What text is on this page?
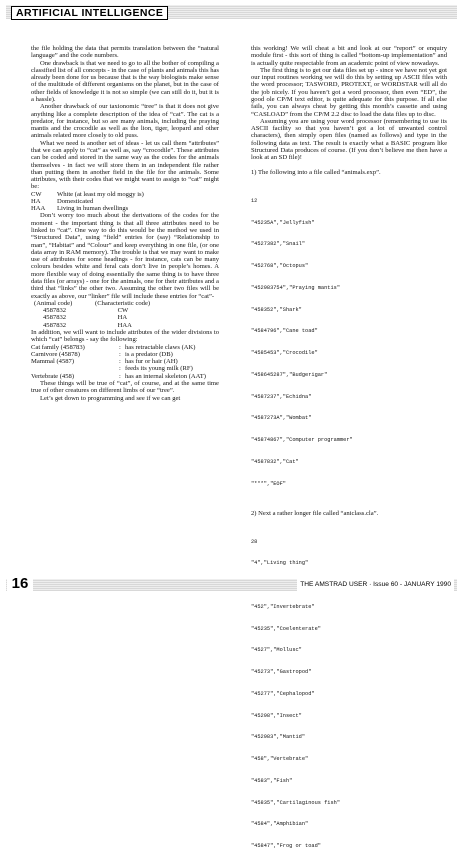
ARTIFICIAL INTELLIGENCE

the file holding the data that permits translation between the “natural language” and the code numbers.

One drawback is that we need to go to all the bother of compiling a classified list of all concepts - in the case of plants and animals this has already been done for us because that is the way biologists make sense of the multitude of different organisms on the planet, but in the case of other fields of knowledge it is not so simple (we can still do it, but it is a hassle).

Another drawback of our taxionomic “tree” is that it does not give anything like a complete description of the idea of “cat”. The cat is a predator, for instance, but so are many animals, including the praying mantis and the crocodile as well as the lion, tiger, leopard and other animals related more closely to old puss.

What we need is another set of ideas - let us call them “attributes” that we can apply to “cat” as well as, say “crocodile”. These attributes can be coded and stored in the same way as the codes for the animals themselves - in fact we will store them in an independent file rather than putting them in another field in the file for the animals. Some attributes, with their codes that we might want to assign to “cat” might be:

CW	White (at least my old moggy is)
HA	Domesticated
HAA	Living in human dwellings

Don’t worry too much about the derivations of the codes for the moment - the important thing is that all three attributes need to be linked to “cat”. One way to do this would be the method we used in “Structured Data”, using “field” entries for (say) “Relationship to man”, “Habitat” and “Colour” and keep everything in one file, (or one data array in RAM memory). The trouble is that we may want to make use of attributes for some headings - for instance, cats can be many colours besides white and feral cats don’t live in people’s homes. A more flexible way of doing essentially the same thing is to have three data files (or arrays) - one for the animals, one for their attributes and a third that “links” the other two. Assuming the other two files will be exactly as above, our “linker” file will include these entries for “cat”-

(Animal code)	(Characteristic code)
4587832	CW
4587832	HA
4587832	HAA

In addition, we will want to include attributes of the wider divisions to which “cat” belongs - say the following:

Cat family (458783)	: has retractable claws (AK)
Carnivore (45878)	: is a predator (DB)
Mammal (4587)	: has fur or hair (AH)
: feeds its young milk (RF)
Vertebrate (458)	: has an internal skeleton (AAT)

These things will be true of “cat”, of course, and at the same time true of other creatures on different limbs of our “tree”.

Let’s get down to programming and see if we can get

this working! We will cheat a bit and look at our “report” or enquiry module first - this sort of thing is called “bottom-up implementation” and is actually quite respectable from an academic point of view nowadays.

The first thing is to get our data files set up - since we have not yet got our input routines working we will do this by setting up ASCII files with the word processor; TASWORD, PROTEXT, or WORDSTAR will all do the job nicely. If you haven’t got a word processor, then even “ED”, the good ole CP/M text editor, is quite adequate for this purpose. If all else fails, you can always cheat by getting this month’s cassette and using “CASLOAD” from the CP/M 2.2 disc to load the data files up to disc.

Assuming you are using your word processor (remembering to use its ASCII facility so that you haven’t got a lot of unwanted control characters), then simply open files (named as follows) and type in the following data as text. The result is exactly what a BASIC program like Structured Data produces of course. (If you don’t believe me then have a look at an SD file)!

1) The following into a file called “animals.exp”.

12

"45235A","Jellyfish"

"4527382","Snail"

"452768","Octopus"

"452983754","Praying mantis"

"458352","Shark"

"4584796","Cane toad"

"4585453","Crocodile"

"458645287","Budgerigar"

"4587237","Echidna"

"4587273A","Wombat"

"45874867","Computer programmer"

"4587832","Cat"

"***","EOF"

2) Next a rather longer file called “aniclass.cla”.

28

"4","Living thing"

"452","Invertebrate"

"45235","Coelenterate"

"4527","Mollusc"

"45273","Gastropod"

"45277","Cephalopod"

"45298","Insect"

"452983","Mantid"

"458","Vertebrate"

"4583","Fish"

"45835","Cartilaginous fish"

"4584","Amphibian"

"45847","Frog or toad"

16	THE AMSTRAD USER · Issue 60 - JANUARY 1990
